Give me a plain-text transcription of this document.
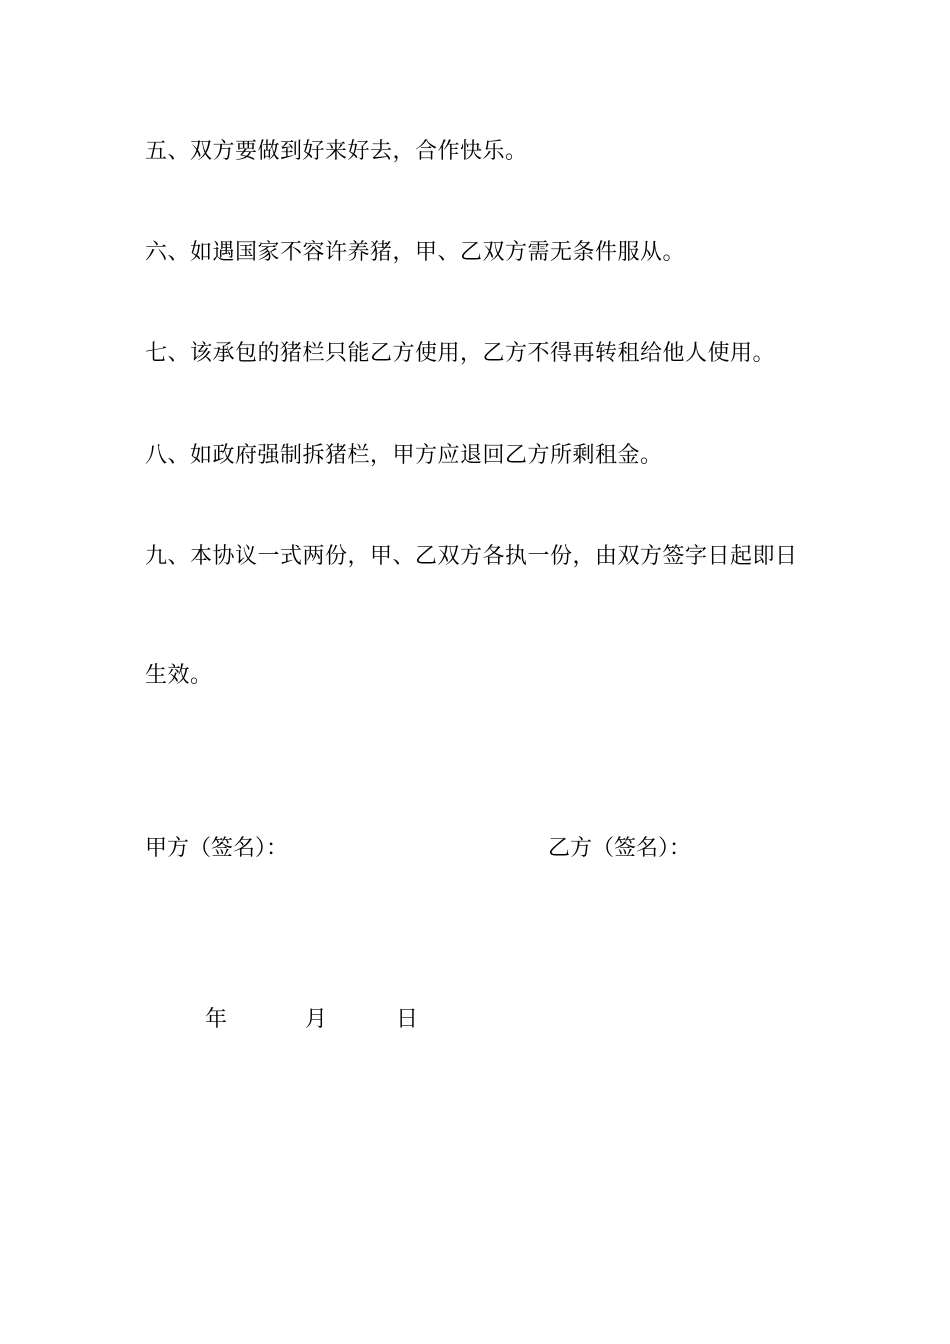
五、双方要做到好来好去，合作快乐。
六、如遇国家不容许养猪，甲、乙双方需无条件服从。
七、该承包的猪栏只能乙方使用，乙方不得再转租给他人使用。
八、如政府强制拆猪栏，甲方应退回乙方所剩租金。
九、本协议一式两份，甲、乙双方各执一份，由双方签字日起即日
生效。
甲方（签名）：	乙方（签名）：
年	月	日
